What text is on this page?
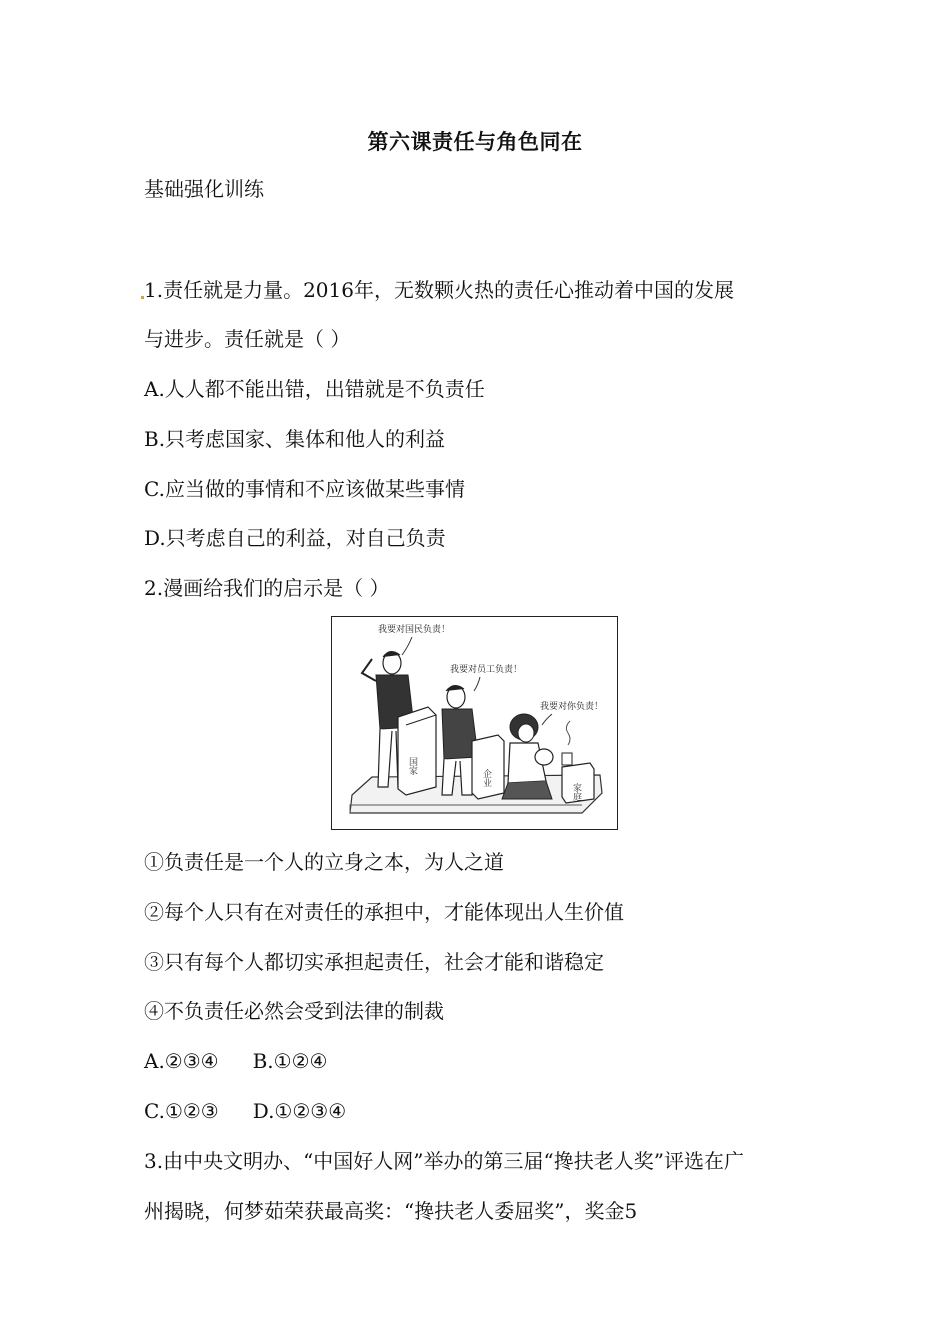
第六课责任与角色同在
基础强化训练
1.责任就是力量。2016年，无数颗火热的责任心推动着中国的发展
与进步。责任就是（ ）
A.人人都不能出错，出错就是不负责任
B.只考虑国家、集体和他人的利益
C.应当做的事情和不应该做某些事情
D.只考虑自己的利益，对自己负责
2.漫画给我们的启示是（ ）
我要对国民负责！
我要对员工负责！
我要对你负责！
国家
企业
家庭
①负责任是一个人的立身之本，为人之道
②每个人只有在对责任的承担中，才能体现出人生价值
③只有每个人都切实承担起责任，社会才能和谐稳定
④不负责任必然会受到法律的制裁
A.②③④ B.①②④
C.①②③ D.①②③④
3.由中央文明办、“中国好人网”举办的第三届“搀扶老人奖”评选在广
州揭晓，何梦茹荣获最高奖：“搀扶老人委屈奖”，奖金5
